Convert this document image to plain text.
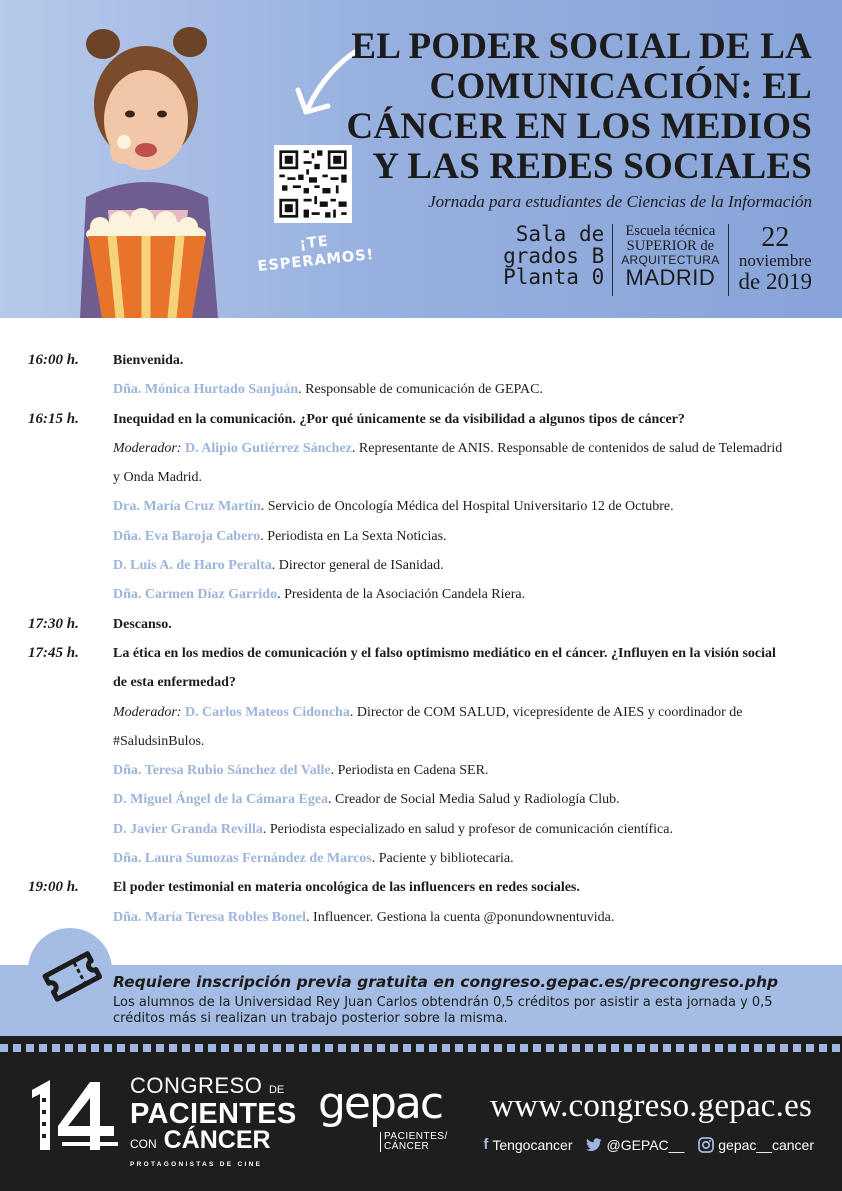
¡TE
ESPERAMOS!
EL PODER SOCIAL DE LA
COMUNICACIÓN: EL
CÁNCER EN LOS MEDIOS
Y LAS REDES SOCIALES
Jornada para estudiantes de Ciencias de la Información
Sala de
grados B
Planta 0
Escuela técnica
SUPERIOR de
ARQUITECTURA
MADRID
22
noviembre
de 2019
16:00 h. Bienvenida.
Dña. Mónica Hurtado Sanjuán. Responsable de comunicación de GEPAC.
16:15 h. Inequidad en la comunicación. ¿Por qué únicamente se da visibilidad a algunos tipos de cáncer?
Moderador: D. Alipio Gutiérrez Sánchez. Representante de ANIS. Responsable de contenidos de salud de Telemadrid
y Onda Madrid.
Dra. María Cruz Martín. Servicio de Oncología Médica del Hospital Universitario 12 de Octubre.
Dña. Eva Baroja Cabero. Periodista en La Sexta Noticias.
D. Luis A. de Haro Peralta. Director general de ISanidad.
Dña. Carmen Díaz Garrido. Presidenta de la Asociación Candela Riera.
17:30 h. Descanso.
17:45 h. La ética en los medios de comunicación y el falso optimismo mediático en el cáncer. ¿Influyen en la visión social
de esta enfermedad?
Moderador: D. Carlos Mateos Cidoncha. Director de COM SALUD, vicepresidente de AIES y coordinador de
#SaludsinBulos.
Dña. Teresa Rubio Sánchez del Valle. Periodista en Cadena SER.
D. Miguel Ángel de la Cámara Egea. Creador de Social Media Salud y Radiología Club.
D. Javier Granda Revilla. Periodista especializado en salud y profesor de comunicación científica.
Dña. Laura Sumozas Fernández de Marcos. Paciente y bibliotecaria.
19:00 h. El poder testimonial en materia oncológica de las influencers en redes sociales.
Dña. María Teresa Robles Bonel. Influencer. Gestiona la cuenta @ponundownentuvida.
Requiere inscripción previa gratuita en congreso.gepac.es/precongreso.php
Los alumnos de la Universidad Rey Juan Carlos obtendrán 0,5 créditos por asistir a esta jornada y 0,5 créditos más si realizan un trabajo posterior sobre la misma.
CONGRESO DE
PACIENTES
CON CÁNCER
PROTAGONISTAS DE CINE
gepac
PACIENTES/
CÁNCER
www.congreso.gepac.es
f Tengocancer @GEPAC__ gepac__cancer
